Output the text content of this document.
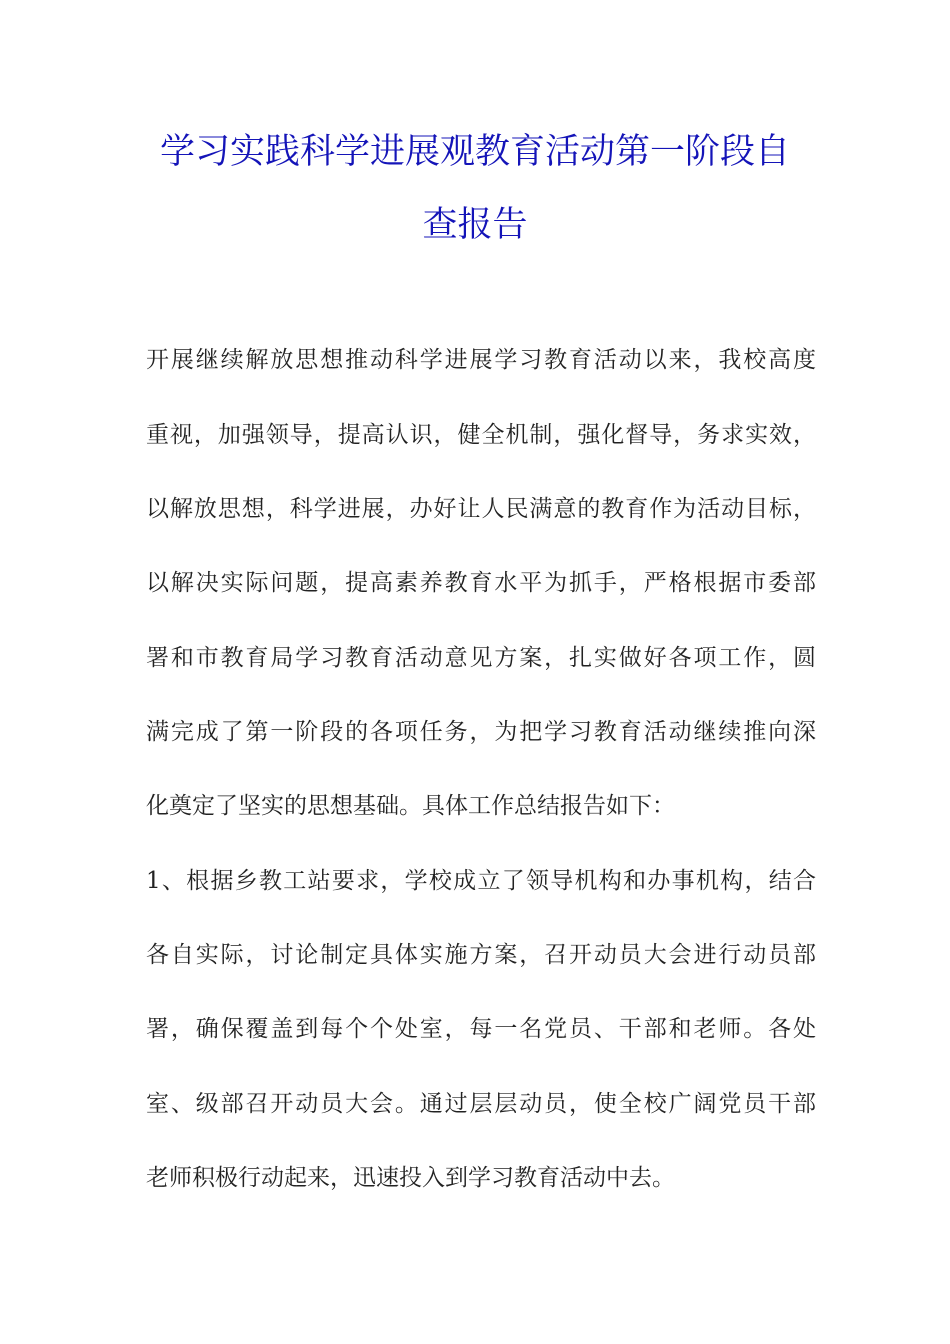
学习实践科学进展观教育活动第一阶段自
查报告
开展继续解放思想推动科学进展学习教育活动以来，我校高度
重视，加强领导，提高认识，健全机制，强化督导，务求实效，
以解放思想，科学进展，办好让人民满意的教育作为活动目标，
以解决实际问题，提高素养教育水平为抓手，严格根据市委部
署和市教育局学习教育活动意见方案，扎实做好各项工作，圆
满完成了第一阶段的各项任务，为把学习教育活动继续推向深
化奠定了坚实的思想基础。具体工作总结报告如下：
1、根据乡教工站要求，学校成立了领导机构和办事机构，结合
各自实际，讨论制定具体实施方案，召开动员大会进行动员部
署，确保覆盖到每个个处室，每一名党员、干部和老师。各处
室、级部召开动员大会。通过层层动员，使全校广阔党员干部
老师积极行动起来，迅速投入到学习教育活动中去。
